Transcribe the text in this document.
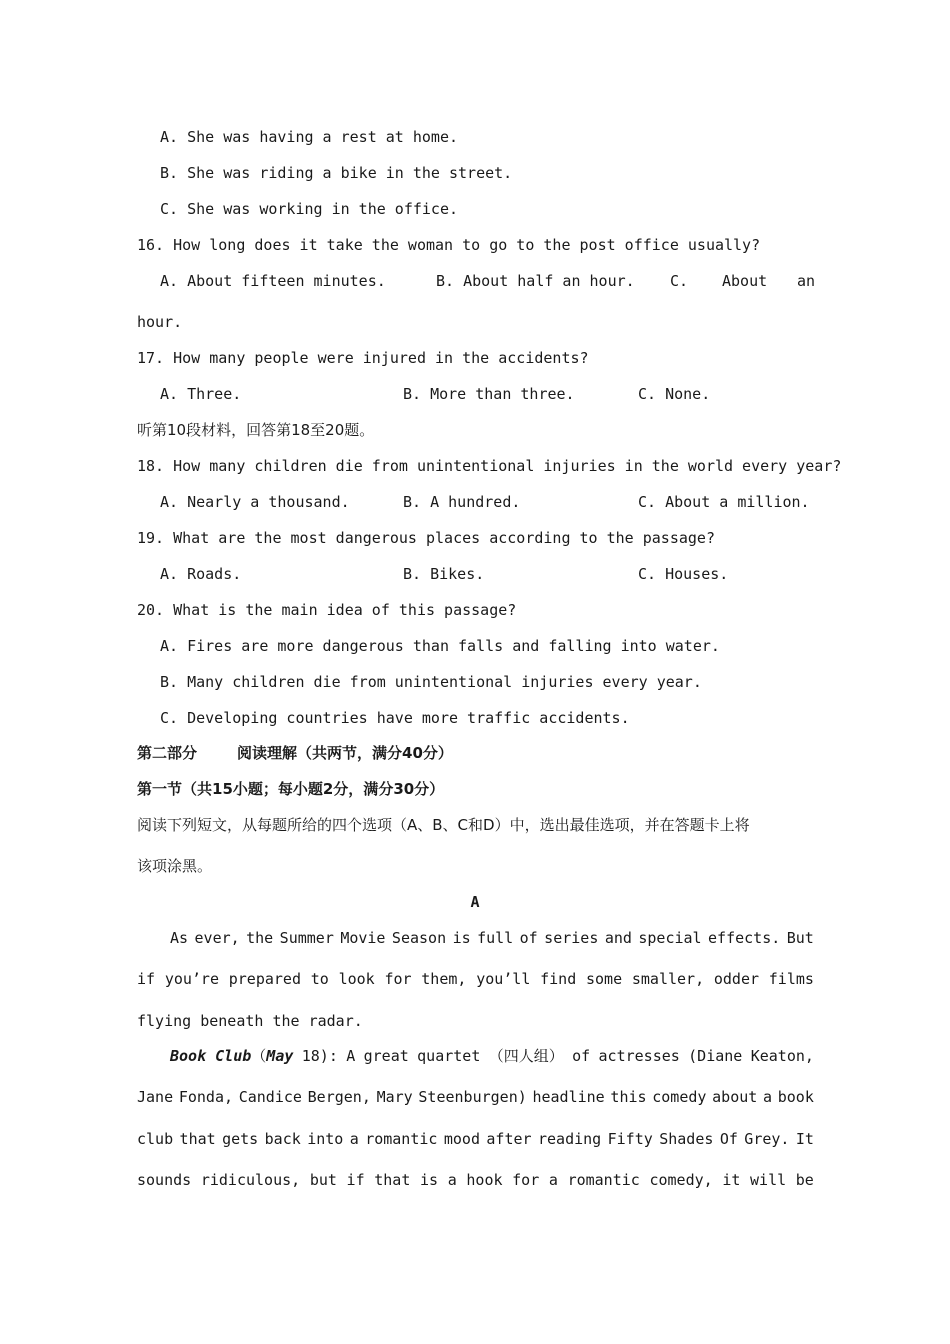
A. She was having a rest at home.
B. She was riding a bike in the street.
C. She was working in the office.
16. How long does it take the woman to go to the post office usually?
A. About fifteen minutes.	B. About half an hour. C. About an
hour.
17. How many people were injured in the accidents?
A. Three.	B. More than three.	C. None.
听第10段材料，回答第18至20题。
18. How many children die from unintentional injuries in the world every year?
A. Nearly a thousand.	B. A hundred.	C. About a million.
19. What are the most dangerous places according to the passage?
A. Roads.	B. Bikes.	C. Houses.
20. What is the main idea of this passage?
A. Fires are more dangerous than falls and falling into water.
B. Many children die from unintentional injuries every year.
C. Developing countries have more traffic accidents.
第二部分	阅读理解（共两节，满分40分）
第一节（共15小题；每小题2分，满分30分）
阅读下列短文，从每题所给的四个选项（A、B、C和D）中，选出最佳选项，并在答题卡上将
该项涂黑。
A
As ever, the Summer Movie Season is full of series and special effects. But
if you’re prepared to look for them, you’ll find some smaller, odder films
flying beneath the radar.
Book Club（May 18): A great quartet （四人组） of actresses (Diane Keaton,
Jane Fonda, Candice Bergen, Mary Steenburgen) headline this comedy about a book
club that gets back into a romantic mood after reading Fifty Shades Of Grey. It
sounds ridiculous, but if that is a hook for a romantic comedy, it will be
